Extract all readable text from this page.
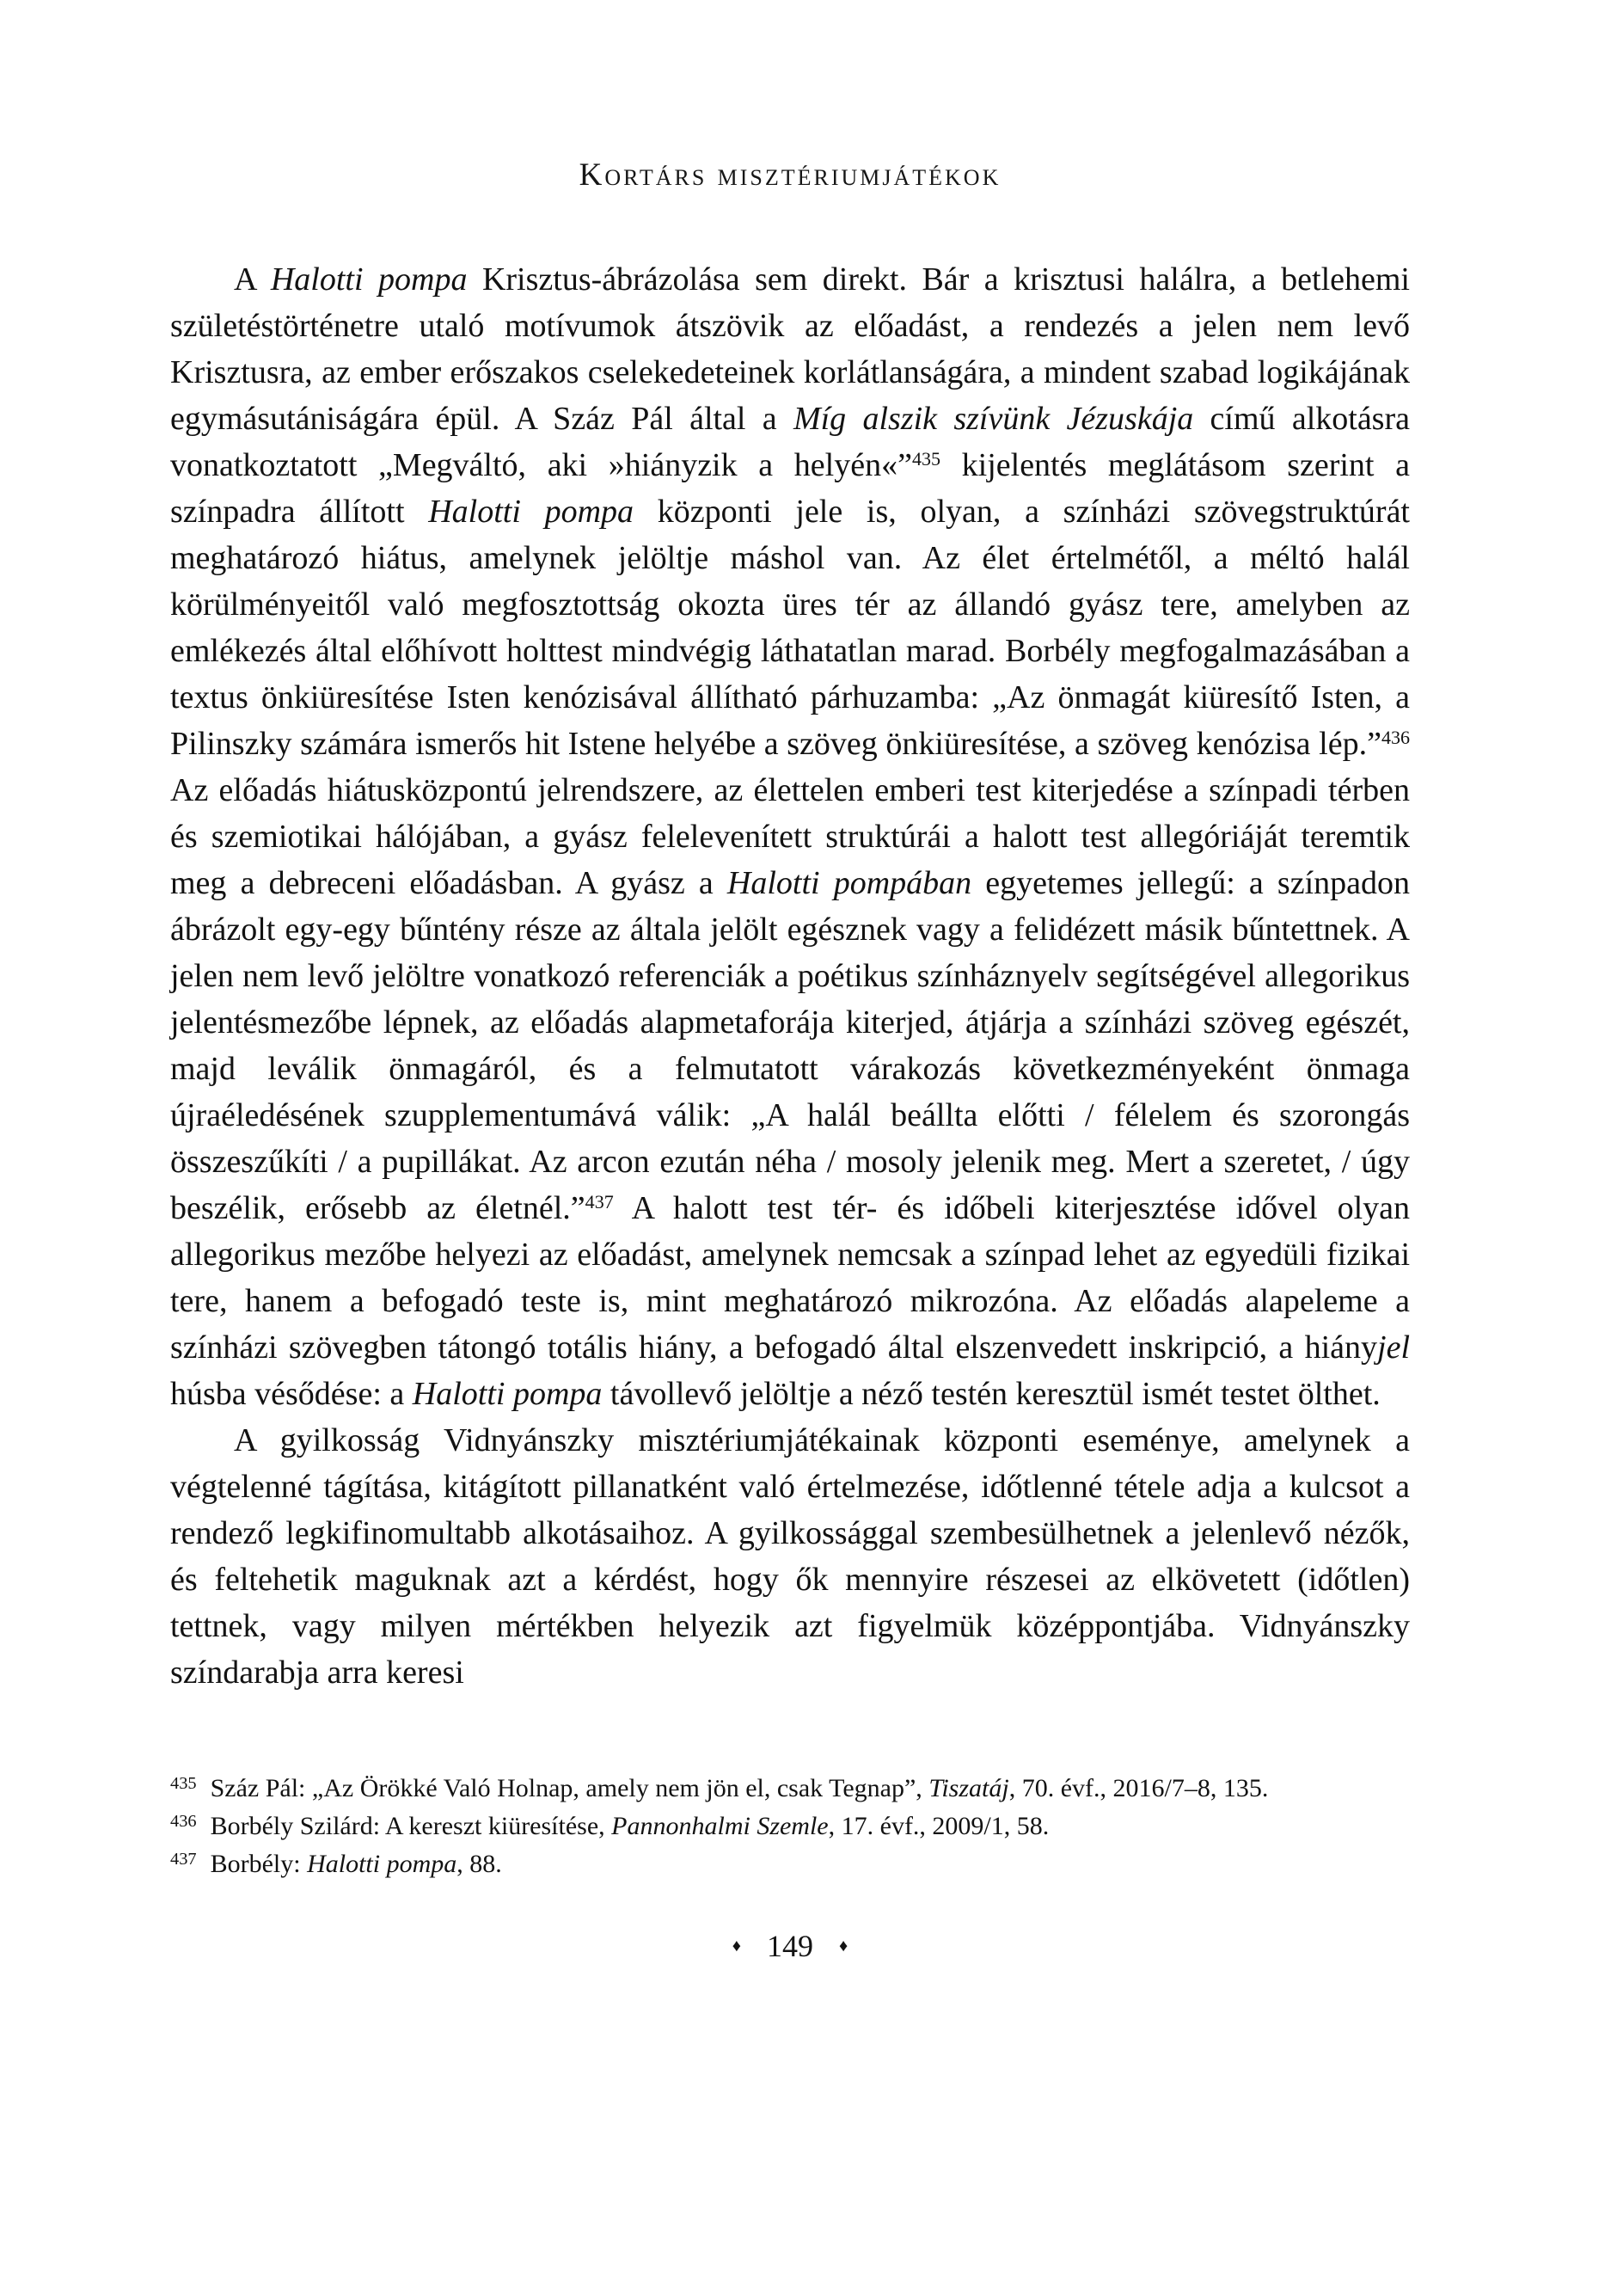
Kortárs misztériumjátékok

A Halotti pompa Krisztus-ábrázolása sem direkt. Bár a krisztusi halálra, a betlehemi születéstörténetre utaló motívumok átszövik az előadást, a rendezés a jelen nem levő Krisztusra, az ember erőszakos cselekedeteinek korlátlanságára, a mindent szabad logikájának egymásutániságára épül. A Száz Pál által a Míg alszik szívünk Jézuskája című alkotásra vonatkoztatott „Megváltó, aki »hiányzik a helyén«”$^{435}$ kijelentés meglátásom szerint a színpadra állított Halotti pompa központi jele is, olyan, a színházi szövegstruktúrát meghatározó hiátus, amelynek jelöltje máshol van. Az élet értelmétől, a méltó halál körülményeitől való megfosztottság okozta üres tér az állandó gyász tere, amelyben az emlékezés által előhívott holttest mindvégig láthatatlan marad. Borbély megfogalmazásában a textus önkiüresítése Isten kenózisával állítható párhuzamba: „Az önmagát kiüresítő Isten, a Pilinszky számára ismerős hit Istene helyébe a szöveg önkiüresítése, a szöveg kenózisa lép.”$^{436}$ Az előadás hiátusközpontú jelrendszere, az élettelen emberi test kiterjedése a színpadi térben és szemiotikai hálójában, a gyász felelevenített struktúrái a halott test allegóriáját teremtik meg a debreceni előadásban. A gyász a Halotti pompában egyetemes jellegű: a színpadon ábrázolt egy-egy bűntény része az általa jelölt egésznek vagy a felidézett másik bűntettnek. A jelen nem levő jelöltre vonatkozó referenciák a poétikus színháznyelv segítségével allegorikus jelentésmezőbe lépnek, az előadás alapmetaforája kiterjed, átjárja a színházi szöveg egészét, majd leválik önmagáról, és a felmutatott várakozás következményeként önmaga újraéledésének szupplementumává válik: „A halál beállta előtti / félelem és szorongás összeszűkíti / a pupillákat. Az arcon ezután néha / mosoly jelenik meg. Mert a szeretet, / úgy beszélik, erősebb az életnél.”$^{437}$ A halott test tér- és időbeli kiterjesztése idővel olyan allegorikus mezőbe helyezi az előadást, amelynek nemcsak a színpad lehet az egyedüli fizikai tere, hanem a befogadó teste is, mint meghatározó mikrozóna. Az előadás alapeleme a színházi szövegben tátongó totális hiány, a befogadó által elszenvedett inskripció, a hiányjel húsba vésődése: a Halotti pompa távollevő jelöltje a néző testén keresztül ismét testet ölthet.

A gyilkosság Vidnyánszky misztériumjátékainak központi eseménye, amelynek a végtelenné tágítása, kitágított pillanatként való értelmezése, időtlenné tétele adja a kulcsot a rendező legkifinomultabb alkotásaihoz. A gyilkossággal szembesülhetnek a jelenlevő nézők, és feltehetik maguknak azt a kérdést, hogy ők mennyire részesei az elkövetett (időtlen) tettnek, vagy milyen mértékben helyezik azt figyelmük középpontjába. Vidnyánszky színdarabja arra keresi

$^{435}$ Száz Pál: „Az Örökké Való Holnap, amely nem jön el, csak Tegnap”, Tiszatáj, 70. évf., 2016/7–8, 135.

$^{436}$ Borbély Szilárd: A kereszt kiüresítése, Pannonhalmi Szemle, 17. évf., 2009/1, 58.

$^{437}$ Borbély: Halotti pompa, 88.

♦ 149 ♦
